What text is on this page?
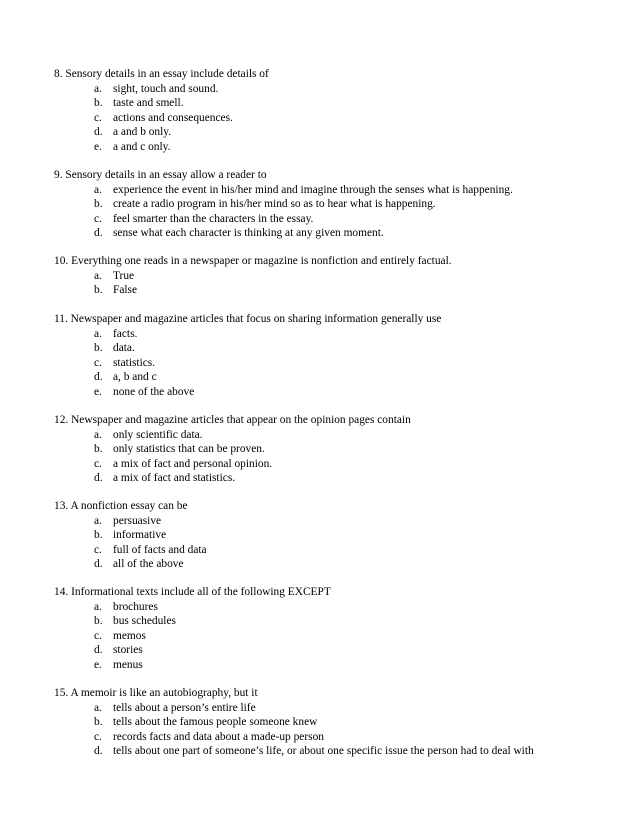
8. Sensory details in an essay include details of
a. sight, touch and sound.
b. taste and smell.
c. actions and consequences.
d. a and b only.
e. a and c only.
9. Sensory details in an essay allow a reader to
a. experience the event in his/her mind and imagine through the senses what is happening.
b. create a radio program in his/her mind so as to hear what is happening.
c. feel smarter than the characters in the essay.
d. sense what each character is thinking at any given moment.
10. Everything one reads in a newspaper or magazine is nonfiction and entirely factual.
a. True
b. False
11. Newspaper and magazine articles that focus on sharing information generally use
a. facts.
b. data.
c. statistics.
d. a, b and c
e. none of the above
12. Newspaper and magazine articles that appear on the opinion pages contain
a. only scientific data.
b. only statistics that can be proven.
c. a mix of fact and personal opinion.
d. a mix of fact and statistics.
13. A nonfiction essay can be
a. persuasive
b. informative
c. full of facts and data
d. all of the above
14. Informational texts include all of the following EXCEPT
a. brochures
b. bus schedules
c. memos
d. stories
e. menus
15. A memoir is like an autobiography, but it
a. tells about a person’s entire life
b. tells about the famous people someone knew
c. records facts and data about a made-up person
d. tells about one part of someone’s life, or about one specific issue the person had to deal with
